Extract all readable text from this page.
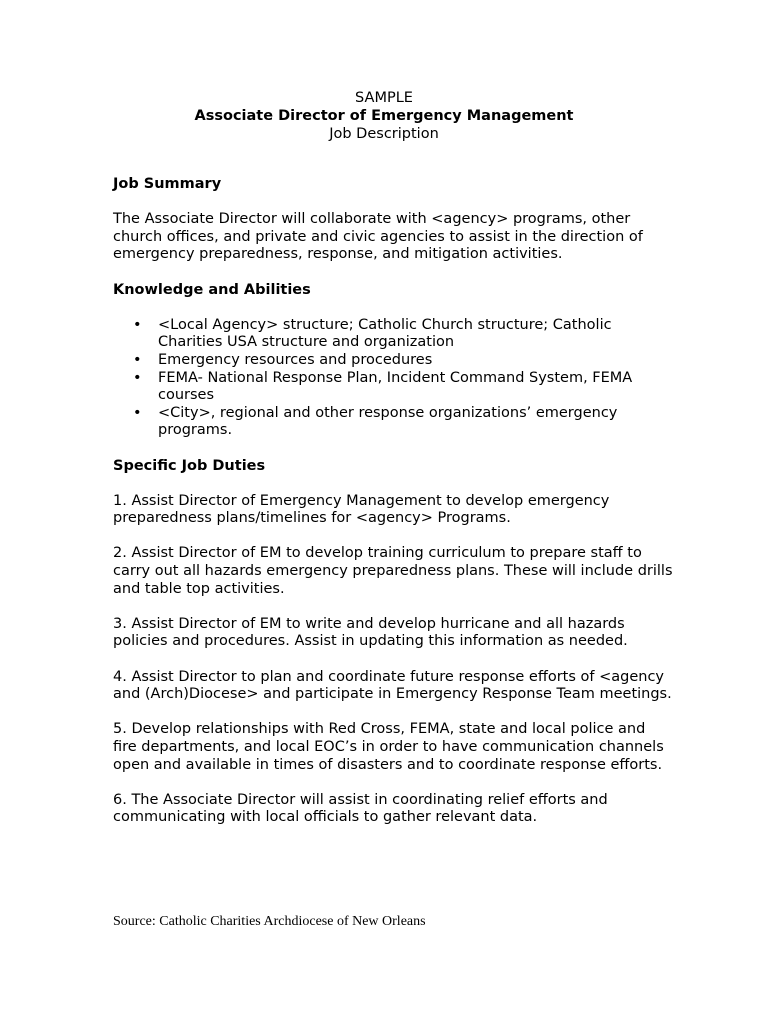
SAMPLE
Associate Director of Emergency Management
Job Description

Job Summary

The Associate Director will collaborate with <agency> programs, other church offices, and private and civic agencies to assist in the direction of emergency preparedness, response, and mitigation activities.

Knowledge and Abilities

• <Local Agency> structure; Catholic Church structure; Catholic Charities USA structure and organization
• Emergency resources and procedures
• FEMA- National Response Plan, Incident Command System, FEMA courses
• <City>, regional and other response organizations’ emergency programs.

Specific Job Duties

1. Assist Director of Emergency Management to develop emergency preparedness plans/timelines for <agency> Programs.

2. Assist Director of EM to develop training curriculum to prepare staff to carry out all hazards emergency preparedness plans. These will include drills and table top activities.

3. Assist Director of EM to write and develop hurricane and all hazards policies and procedures. Assist in updating this information as needed.

4. Assist Director to plan and coordinate future response efforts of <agency and (Arch)Diocese> and participate in Emergency Response Team meetings.

5. Develop relationships with Red Cross, FEMA, state and local police and fire departments, and local EOC’s in order to have communication channels open and available in times of disasters and to coordinate response efforts.

6. The Associate Director will assist in coordinating relief efforts and communicating with local officials to gather relevant data.

Source: Catholic Charities Archdiocese of New Orleans
